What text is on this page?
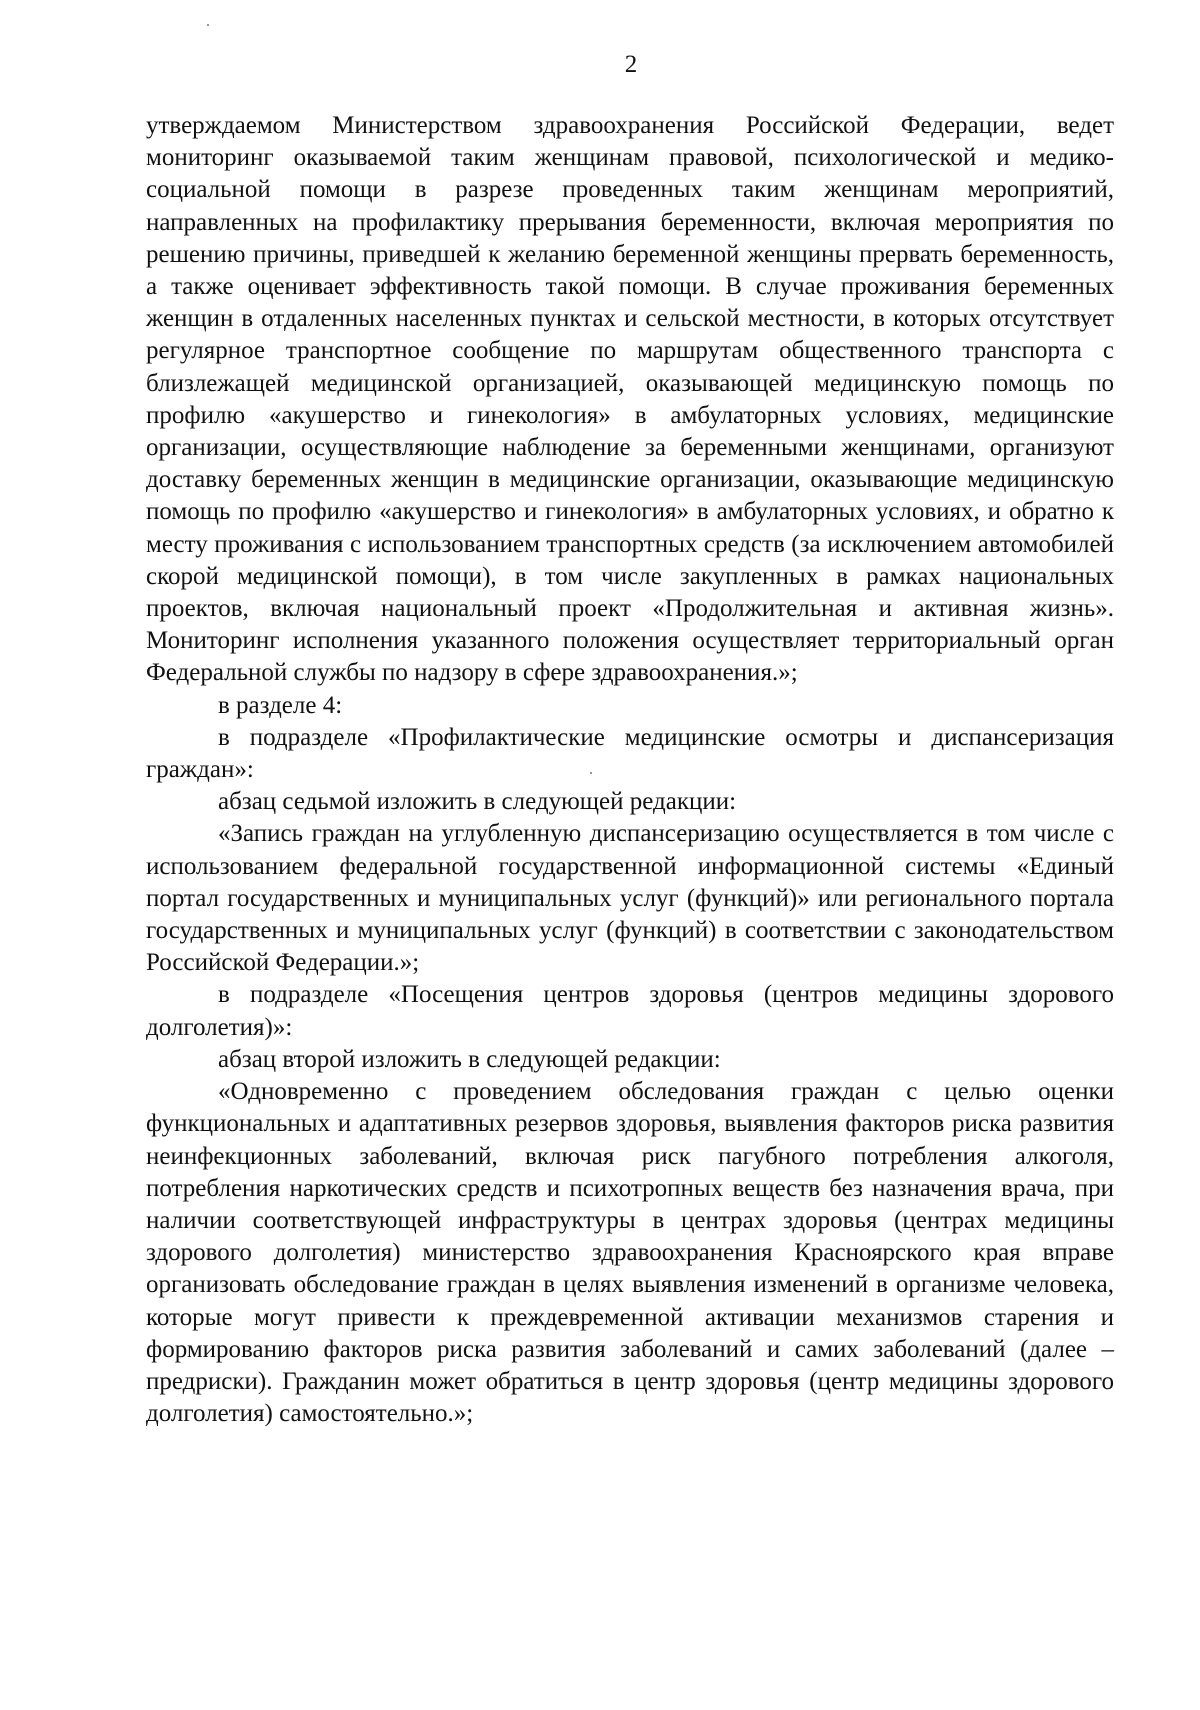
2

утверждаемом Министерством здравоохранения Российской Федерации, ведет мониторинг оказываемой таким женщинам правовой, психологической и медико-социальной помощи в разрезе проведенных таким женщинам мероприятий, направленных на профилактику прерывания беременности, включая мероприятия по решению причины, приведшей к желанию беременной женщины прервать беременность, а также оценивает эффективность такой помощи. В случае проживания беременных женщин в отдаленных населенных пунктах и сельской местности, в которых отсутствует регулярное транспортное сообщение по маршрутам общественного транспорта с близлежащей медицинской организацией, оказывающей медицинскую помощь по профилю «акушерство и гинекология» в амбулаторных условиях, медицинские организации, осуществляющие наблюдение за беременными женщинами, организуют доставку беременных женщин в медицинские организации, оказывающие медицинскую помощь по профилю «акушерство и гинекология» в амбулаторных условиях, и обратно к месту проживания с использованием транспортных средств (за исключением автомобилей скорой медицинской помощи), в том числе закупленных в рамках национальных проектов, включая национальный проект «Продолжительная и активная жизнь». Мониторинг исполнения указанного положения осуществляет территориальный орган Федеральной службы по надзору в сфере здравоохранения.»;

в разделе 4:

в подразделе «Профилактические медицинские осмотры и диспансеризация граждан»:

абзац седьмой изложить в следующей редакции:

«Запись граждан на углубленную диспансеризацию осуществляется в том числе с использованием федеральной государственной информационной системы «Единый портал государственных и муниципальных услуг (функций)» или регионального портала государственных и муниципальных услуг (функций) в соответствии с законодательством Российской Федерации.»;

в подразделе «Посещения центров здоровья (центров медицины здорового долголетия)»:

абзац второй изложить в следующей редакции:

«Одновременно с проведением обследования граждан с целью оценки функциональных и адаптативных резервов здоровья, выявления факторов риска развития неинфекционных заболеваний, включая риск пагубного потребления алкоголя, потребления наркотических средств и психотропных веществ без назначения врача, при наличии соответствующей инфраструктуры в центрах здоровья (центрах медицины здорового долголетия) министерство здравоохранения Красноярского края вправе организовать обследование граждан в целях выявления изменений в организме человека, которые могут привести к преждевременной активации механизмов старения и формированию факторов риска развития заболеваний и самих заболеваний (далее – предриски). Гражданин может обратиться в центр здоровья (центр медицины здорового долголетия) самостоятельно.»;
